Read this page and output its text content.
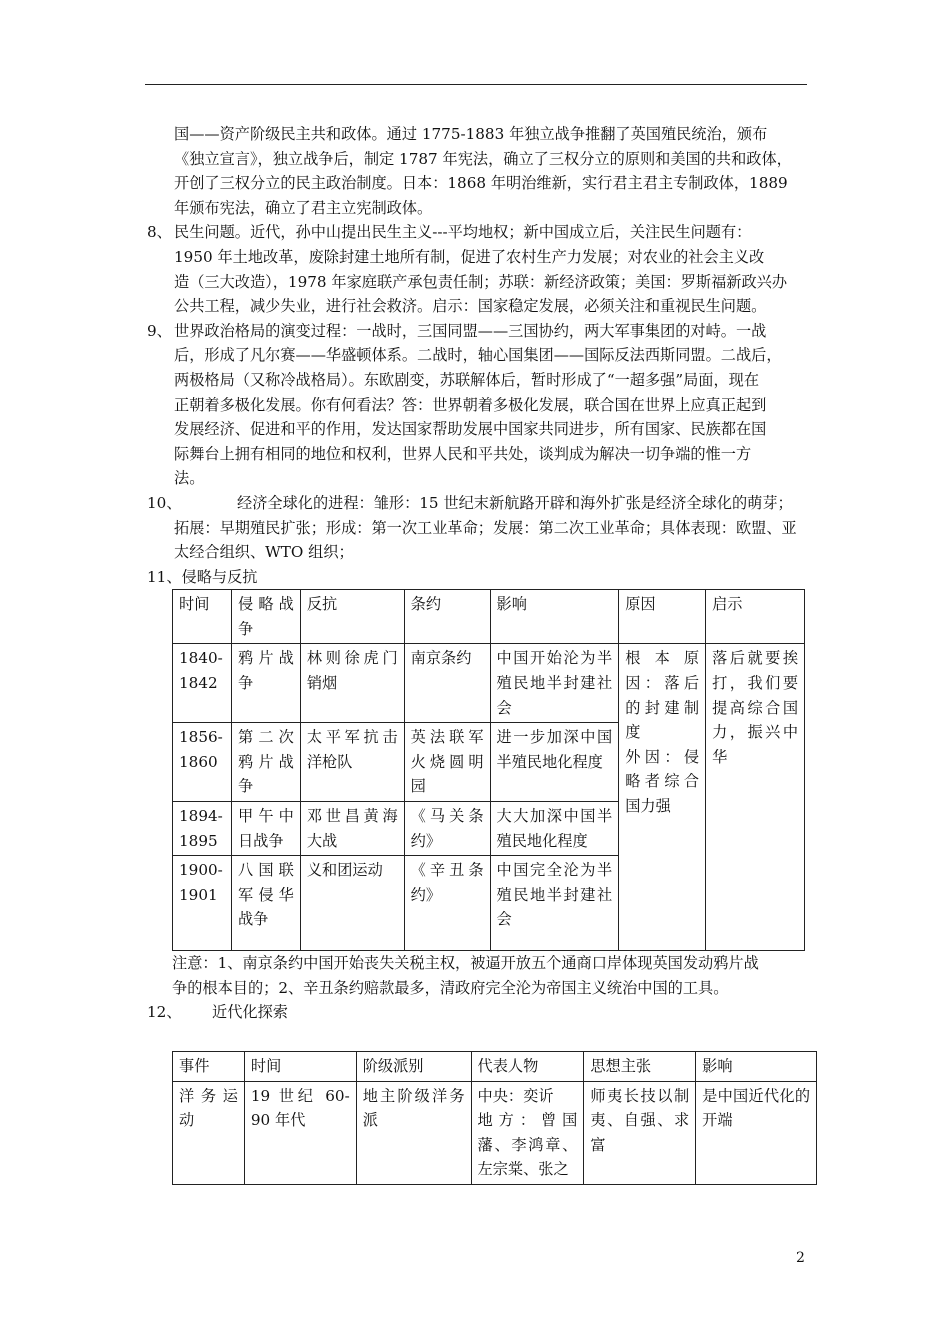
国——资产阶级民主共和政体。通过 1775-1883 年独立战争推翻了英国殖民统治，颁布

《独立宣言》，独立战争后，制定 1787 年宪法，确立了三权分立的原则和美国的共和政体，

开创了三权分立的民主政治制度。日本：1868 年明治维新，实行君主君主专制政体，1889

年颁布宪法，确立了君主立宪制政体。

8、 民生问题。近代，孙中山提出民生主义---平均地权；新中国成立后，关注民生问题有：

1950 年土地改革，废除封建土地所有制，促进了农村生产力发展；对农业的社会主义改

造（三大改造），1978 年家庭联产承包责任制；苏联：新经济政策；美国：罗斯福新政兴办

公共工程，减少失业，进行社会救济。启示：国家稳定发展，必须关注和重视民生问题。

9、 世界政治格局的演变过程：一战时，三国同盟——三国协约，两大军事集团的对峙。一战

后，形成了凡尔赛——华盛顿体系。二战时，轴心国集团——国际反法西斯同盟。二战后，

两极格局（又称冷战格局）。东欧剧变，苏联解体后，暂时形成了“一超多强”局面，现在

正朝着多极化发展。你有何看法？答：世界朝着多极化发展，联合国在世界上应真正起到

发展经济、促进和平的作用，发达国家帮助发展中国家共同进步，所有国家、民族都在国

际舞台上拥有相同的地位和权利，世界人民和平共处，谈判成为解决一切争端的惟一方

法。

10、	经济全球化的进程：雏形：15 世纪末新航路开辟和海外扩张是经济全球化的萌芽；

拓展：早期殖民扩张；形成：第一次工业革命；发展：第二次工业革命；具体表现：欧盟、亚

太经合组织、WTO 组织；

11、侵略与反抗

时间	侵略战争	反抗	条约	影响	原因	启示
1840-1842	鸦片战争	林则徐虎门销烟	南京条约	中国开始沦为半殖民地半封建社会	根本原因：落后的封建制度
外因：侵略者综合国力强	落后就要挨打，我们要提高综合国力，振兴中华
1856-1860	第二次鸦片战争	太平军抗击洋枪队	英法联军火烧圆明园	进一步加深中国半殖民地化程度		
1894-1895	甲午中日战争	邓世昌黄海大战	《马关条约》	大大加深中国半殖民地化程度		
1900-1901	八国联军侵华战争	义和团运动	《辛丑条约》	中国完全沦为半殖民地半封建社会		

注意：1、南京条约中国开始丧失关税主权，被逼开放五个通商口岸体现英国发动鸦片战

争的根本目的；2、辛丑条约赔款最多，清政府完全沦为帝国主义统治中国的工具。

12、	近代化探索

事件	时间	阶级派别	代表人物	思想主张	影响
洋务运动	19 世纪 60-90 年代	地主阶级洋务派	中央：奕䜣
地方：曾国藩、李鸿章、左宗棠、张之	师夷长技以制夷、自强、求富	是中国近代化的开端
2
